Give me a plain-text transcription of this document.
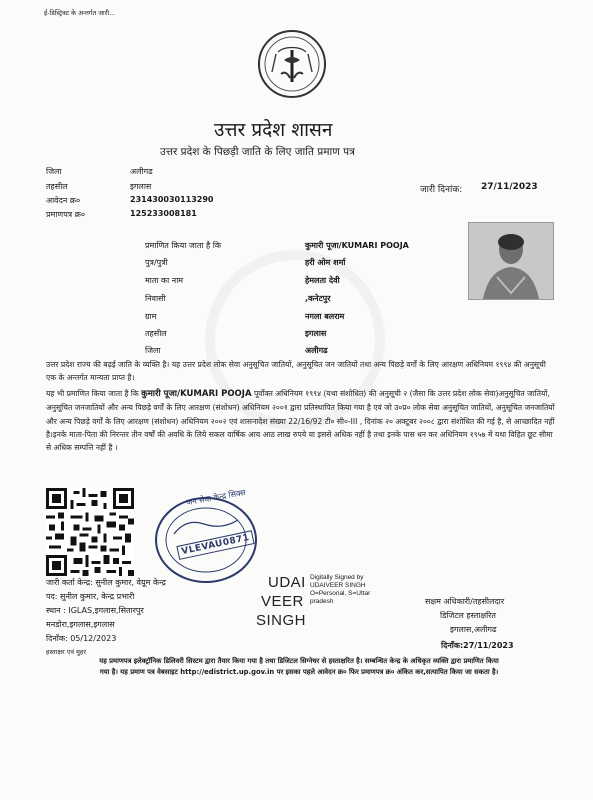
ई-डिस्ट्रिक्ट के अन्तर्गत जारी...
उत्तर प्रदेश शासन
उत्तर प्रदेश के पिछड़ी जाति के लिए जाति प्रमाण पत्र
जिला	अलीगढ
तहसील	इगलास
आवेदन क्र०	231430030113290
प्रमाणपत्र क्र०	125233008181
जारी दिनांक: 27/11/2023
प्रमाणित किया जाता है कि	कुमारी पूजा/KUMARI POOJA
पुत्र/पुत्री	हरी ओम शर्मा
माता का नाम	हेमलता देवी
निवासी	,कनेटपुर
ग्राम	नगला बलराम
तहसील	इगलास
जिला	अलीगढ
उत्तर प्रदेश राज्य की बढ़ई जाति के व्यक्ति है। यह उत्तर प्रदेश लोक सेवा अनुसूचित जातियों, अनुसूचित जन जातियों तथा अन्य पिछड़े वर्गों के लिए आरक्षण अधिनियम १९९४ की अनुसूची एक के अन्तर्गत मान्यता प्राप्त है।
यह भी प्रमाणित किया जाता है कि कुमारी पूजा/KUMARI POOJA पूर्वोक्त अधिनियम १९९४ (यथा संशोधित) की अनुसूची २ (जैसा कि उत्तर प्रदेश लोक सेवा)अनुसूचित जातियों, अनुसूचित जनजातियों और अन्य पिछड़े वर्गों के लिए आरक्षण (संशोधन) अधिनियम २००१ द्वारा प्रतिस्थापित किया गया है एवं जो उ०प्र० लोक सेवा अनुसूचित जातियों, अनुसूचित जनजातियों और अन्य पिछड़े वर्गों के लिए आरक्षण (संशोधन) अधिनियम २००२ एवं शासनादेश संख्या 22/16/92 टी० सी०-III , दिनांक २० अक्टूबर २००८ द्वारा संशोधित की गई है, से आच्छादित नहीं है।इनके माता-पिता की निरन्तर तीन वर्षों की अवधि के लिये सकल वार्षिक आय आठ लाख रुपये या इससे अधिक नहीं है तथा इनके पास धन कर अधिनियम १९५७ में यथा विहित छूट सीमा से अधिक सम्पत्ति नहीं है ।
जन सेवा केन्द्र सिक्स
VLEVAU0871
जारी कर्ता केन्द्र: सुनील कुमार, वेयू़म केन्द्र
पद: सुनील कुमार, केन्द्र प्रभारी
स्थान : IGLAS,इगलास,सितारपुर
मनडोरा,इगलास,इगलास
दिनाँक: 05/12/2023
हस्ताक्षर एवं मुहर
UDAI
VEER
SINGH
Digitally Signed by
UDAIVEER SINGH
O=Personal, S=Uttar
pradesh	सक्षम अधिकारी/तहसीलदार
डिजिटल हस्ताक्षरित
इगलास,अलीगढ
दिनाँक:27/11/2023
यह प्रमाणपत्र इलेक्ट्रॉनिक डिलिवरी सिस्टम द्वारा तैयार किया गया है तथा डिजिटल सिग्नेचर से हस्ताक्षरित है। सम्बन्धित केन्द्र के अधिकृत व्यक्ति द्वारा प्रमाणित किया
गया है। यह प्रमाण पत्र वेबसाइट http://edistrict.up.gov.in पर इसका पहले आवेदन क्र० फिर प्रमाणपत्र क्र० अंकित कर,सत्यापित किया जा सकता है।
